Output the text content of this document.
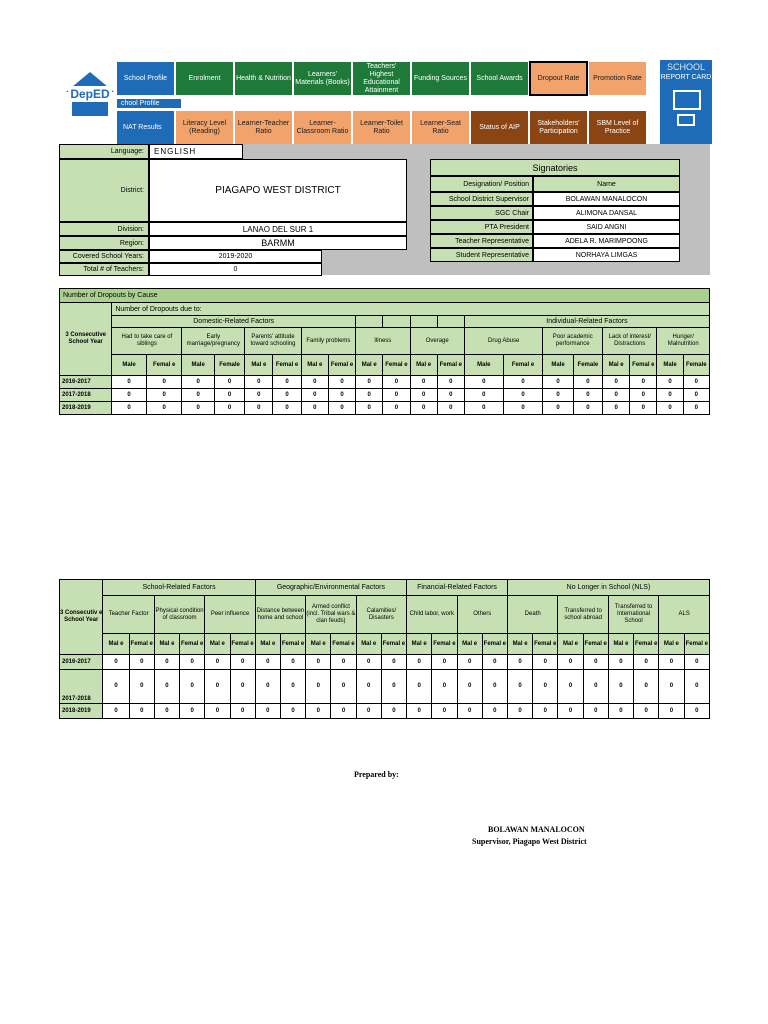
DepED
School Profile	Enrolment	Health & Nutrition
Learners' Materials (Books)
Teachers' Highest Educational Attainment
Funding Sources	School Awards	Dropout Rate	Promotion Rate
NAT Results
Literacy Level (Reading)
Learner-Teacher Ratio
Learner-Classroom Ratio
Learner-Toilet Ratio
Learner-Seat Ratio
Status of AIP
Stakeholders' Participation
SBM Level of Practice
chool Profile
SCHOOL
REPORT CARD
Language: ENGLISH
District:	PIAGAPO WEST DISTRICT
Division:	LANAO DEL SUR 1
Region:	BARMM
Covered School Years:	2019-2020
Total # of Teachers:	0
Signatories
Designation/ Position	Name
School District Supervisor	BOLAWAN MANALOCON
SGC Chair	ALIMONA DANSAL
PTA President	SAID ANGNI
Teacher Representative	ADELA R. MARIMPOONG
Student Representative	NORHAYA LIMGAS
Number of Dropouts by Cause																				
3 Consecutive School Year	Number of Dropouts due to:																			
	Domestic-Related Factors												Individual-Related Factors							
	Had to take care of siblings		Early marriage/pregnancy		Parents' attitude toward schooling		Family problems		Illness		Overage		Drug Abuse		Poor academic performance		Lack of interest/ Distractions		Hunger/ Malnutrition	
	Male	Femal e	Male	Female	Mal e	Femal e	Mal e	Femal e	Mal e	Femal e	Mal e	Femal e	Male	Femal e	Male	Female	Mal e	Femal e	Male	Female
2016-2017	0	0	0	0	0	0	0	0	0	0	0	0	0	0	0	0	0	0	0	0
2017-2018	0	0	0	0	0	0	0	0	0	0	0	0	0	0	0	0	0	0	0	0
2018-2019	0	0	0	0	0	0	0	0	0	0	0	0	0	0	0	0	0	0	0	0
3 Consecutiv e School Year	School-Related Factors						Geographic/Environmental Factors						Financial-Related Factors				No Longer in School (NLS)							
	Teacher Factor		Physical condition of classroom		Peer influence		Distance between home and school		Armed conflict (incl. Tribal wars & clan feuds)		Calamities/ Disasters		Child labor, work		Others		Death		Transferred to school abroad		Transferred to International School		ALS	
	Mal e	Femal e	Mal e	Femal e	Mal e	Femal e	Mal e	Femal e	Mal e	Femal e	Mal e	Femal e	Mal e	Femal e	Mal e	Femal e	Mal e	Femal e	Mal e	Femal e	Mal e	Femal e	Mal e	Femal e
2016-2017	0	0	0	0	0	0	0	0	0	0	0	0	0	0	0	0	0	0	0	0	0	0	0	0
2017-2018	0	0	0	0	0	0	0	0	0	0	0	0	0	0	0	0	0	0	0	0	0	0	0	0
2018-2019	0	0	0	0	0	0	0	0	0	0	0	0	0	0	0	0	0	0	0	0	0	0	0	0
Prepared by:
BOLAWAN MANALOCON
Supervisor, Piagapo West District
